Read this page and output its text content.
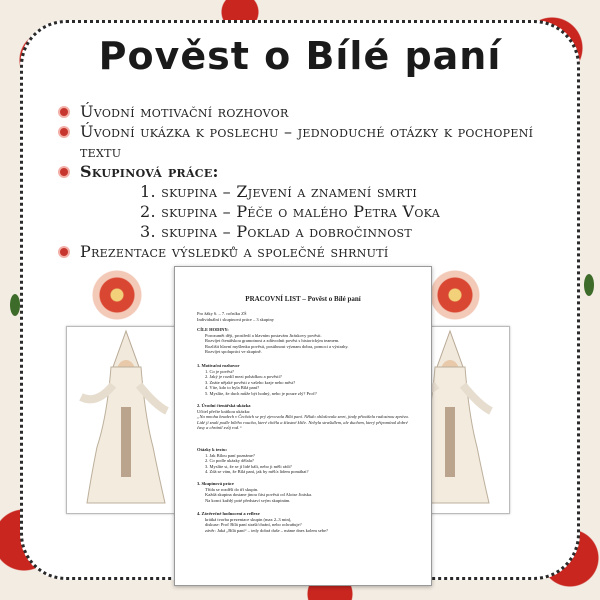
Pověst o Bílé paní
Úvodní motivační rozhovor
Úvodní ukázka k poslechu – jednoduché otázky k pochopení textu
Skupinová práce:
1. skupina – Zjevení a znamení smrti
2. skupina – Péče o malého Petra Voka
3. skupina – Poklad a dobročinnost
Prezentace výsledků a společné shrnutí
PRACOVNÍ LIST – Pověst o Bílé paní
Pro žáky 6. – 7. ročníku ZŠ
Individuální i skupinová práce – 3 skupiny
CÍLE HODINY:
Porozumět ději, prostředí a hlavním postavám Jiráskovy pověsti.
Rozvíjet čtenářskou gramotnost a zdůvodnit pověst s historickým teamem.
Rozlišit hlavní myšlenku pověsti, postihnout význam dobra, pomoci a výstrahy.
Rozvíjet spolupráci ve skupině.
1. Motivační rozhovor
1. Co je pověst?
2. Jaký je rozdíl mezi pohádkou a pověstí?
3. Znáte nějaké pověsti z vašeho kraje nebo měst?
4. Víte, kdo to byla Bílá paní?
5. Myslíte, že duch může být hodný, nebo je pouze zlý? Proč?
2. Úvodní čtenářská ukázka
Učitel přečte krátkou ukázku:
„Na mnoha hradech v Čechách se prý zjevovala Bílá paní. Někdo ohlašovala smrt, jindy přinášela radostnou zprávu. Lidé jí znali podle bílého roucha, které chtěla a šťastné klíče. Nebyla strašidlem, ale duchem, který připomínal dobré časy a chránil svůj rod.“
Otázky k textu:
1. Jak Bílou paní poznáme?
2. Co podle ukázky dělala?
3. Myslíte si, že se jí lidé báli, nebo ji měli rádi?
4. Zdá se vám, že Bílá paní, jak by měl/a lidem pomáhat?
3. Skupinová práce
Třída se rozdělí do tří skupin.
Každá skupina dostane jinou část pověsti od Aloise Jiráska.
Na konci každý poté představí svým skupinám.
4. Závěrečné hodnocení a reflexe
krátká tvorba prezentace skupin (max 2–3 min),
diskuse: Proč Bílá paní straší/chrání, nebo ochraňuje?
závěr: Jaká „Bílá paní“ – tedy dobrá duše – máme dnes kolem sebe?
